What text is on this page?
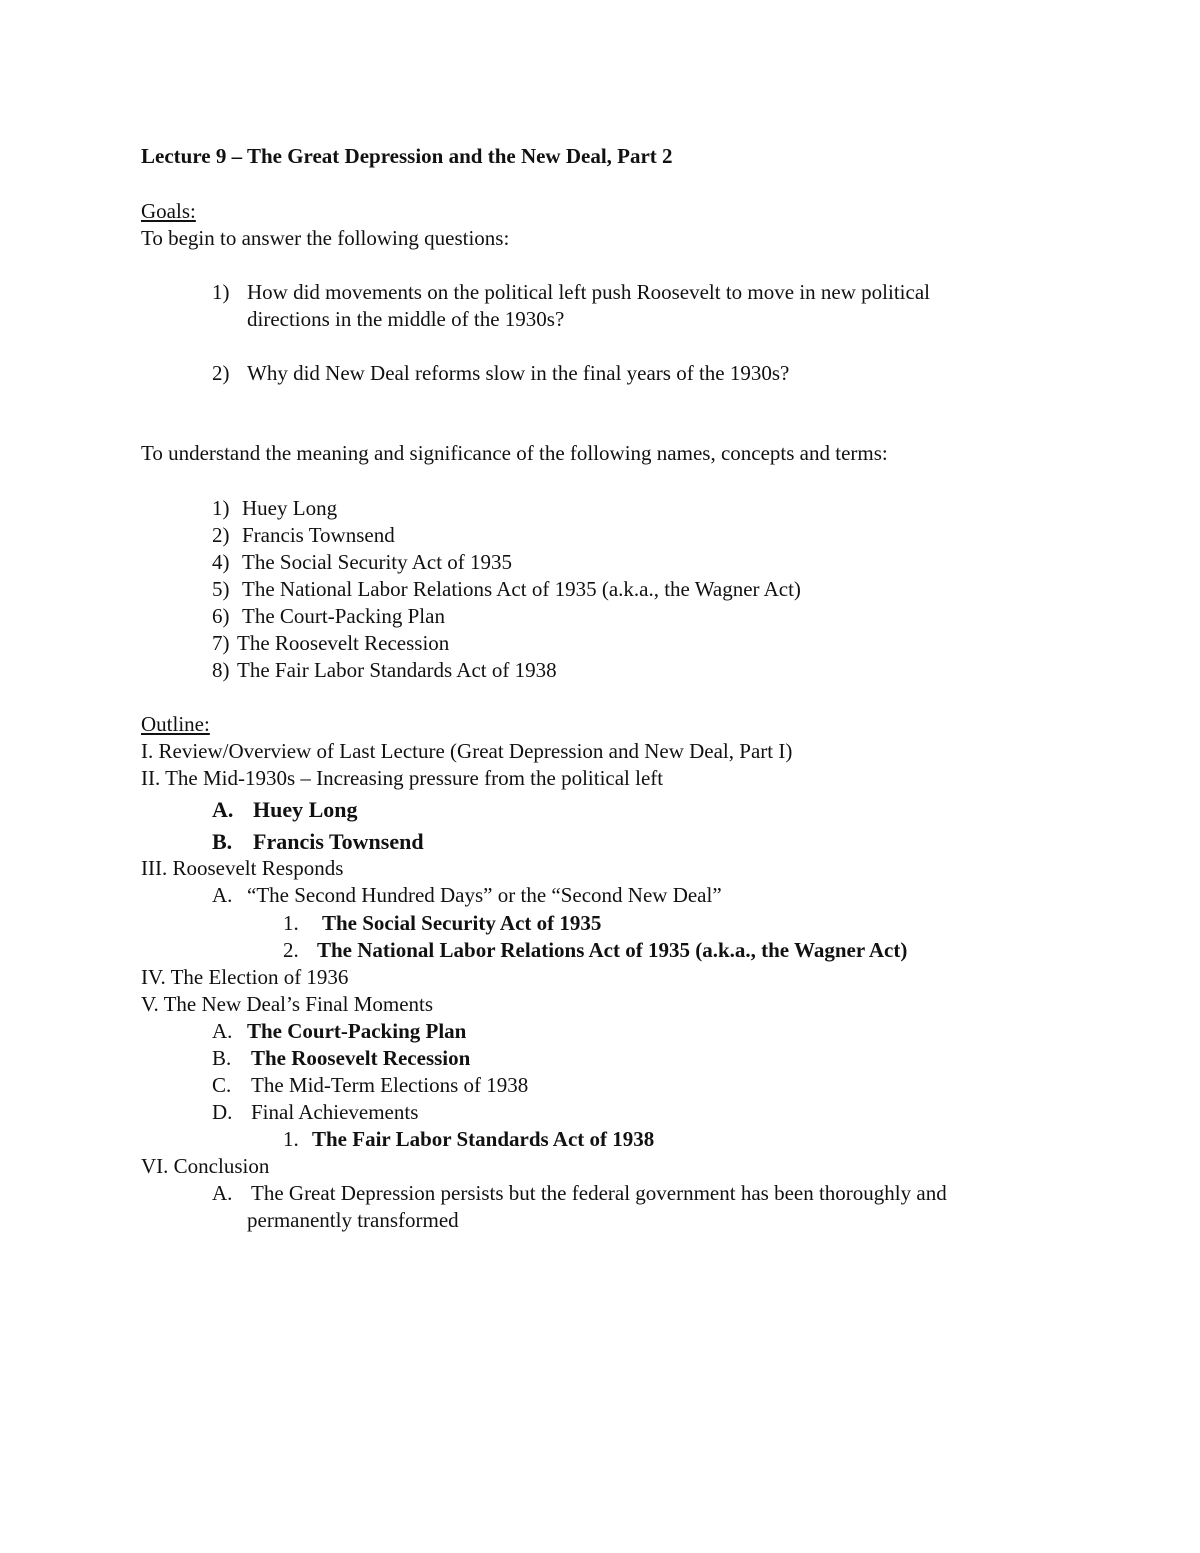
Lecture 9 – The Great Depression and the New Deal, Part 2
Goals:
To begin to answer the following questions:
1) How did movements on the political left push Roosevelt to move in new political
directions in the middle of the 1930s?
2) Why did New Deal reforms slow in the final years of the 1930s?
To understand the meaning and significance of the following names, concepts and terms:
1) Huey Long
2) Francis Townsend
4) The Social Security Act of 1935
5) The National Labor Relations Act of 1935 (a.k.a., the Wagner Act)
6) The Court-Packing Plan
7) The Roosevelt Recession
8) The Fair Labor Standards Act of 1938
Outline:
I. Review/Overview of Last Lecture (Great Depression and New Deal, Part I)
II. The Mid-1930s – Increasing pressure from the political left
A. Huey Long
B. Francis Townsend
III. Roosevelt Responds
A. “The Second Hundred Days” or the “Second New Deal”
1. The Social Security Act of 1935
2. The National Labor Relations Act of 1935 (a.k.a., the Wagner Act)
IV. The Election of 1936
V. The New Deal’s Final Moments
A. The Court-Packing Plan
B. The Roosevelt Recession
C. The Mid-Term Elections of 1938
D. Final Achievements
1. The Fair Labor Standards Act of 1938
VI. Conclusion
A. The Great Depression persists but the federal government has been thoroughly and
permanently transformed
